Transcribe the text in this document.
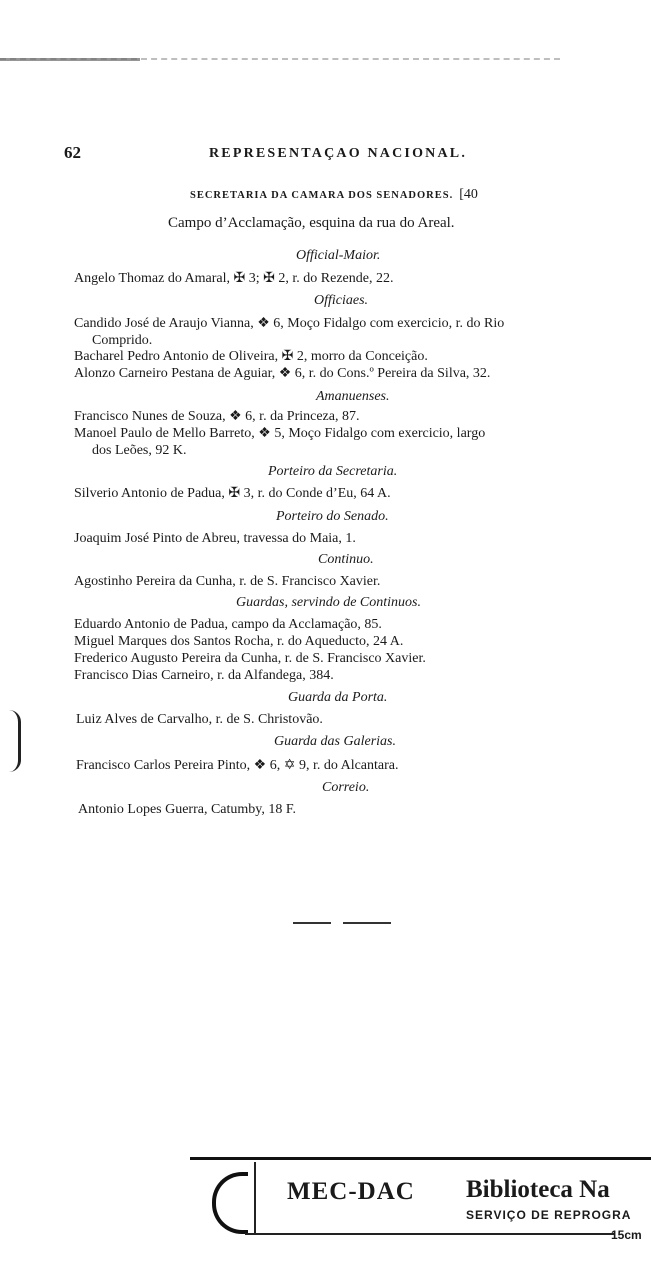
62	REPRESENTAÇAO NACIONAL.
SECRETARIA DA CAMARA DOS SENADORES. [40
Campo d’Acclamação, esquina da rua do Areal.
Official-Maior.
Angelo Thomaz do Amaral, ✠ 3; ✠ 2, r. do Rezende, 22.
Officiaes.
Candido José de Araujo Vianna, ❖ 6, Moço Fidalgo com exercicio, r. do Rio
Comprido.
Bacharel Pedro Antonio de Oliveira, ✠ 2, morro da Conceição.
Alonzo Carneiro Pestana de Aguiar, ❖ 6, r. do Cons.º Pereira da Silva, 32.
Amanuenses.
Francisco Nunes de Souza, ❖ 6, r. da Princeza, 87.
Manoel Paulo de Mello Barreto, ❖ 5, Moço Fidalgo com exercicio, largo
dos Leões, 92 K.
Porteiro da Secretaria.
Silverio Antonio de Padua, ✠ 3, r. do Conde d’Eu, 64 A.
Porteiro do Senado.
Joaquim José Pinto de Abreu, travessa do Maia, 1.
Continuo.
Agostinho Pereira da Cunha, r. de S. Francisco Xavier.
Guardas, servindo de Continuos.
Eduardo Antonio de Padua, campo da Acclamação, 85.
Miguel Marques dos Santos Rocha, r. do Aqueducto, 24 A.
Frederico Augusto Pereira da Cunha, r. de S. Francisco Xavier.
Francisco Dias Carneiro, r. da Alfandega, 384.
Guarda da Porta.
Luiz Alves de Carvalho, r. de S. Christovão.
Guarda das Galerias.
Francisco Carlos Pereira Pinto, ❖ 6, ✡ 9, r. do Alcantara.
Correio.
Antonio Lopes Guerra, Catumby, 18 F.
MEC-DAC Biblioteca Na
SERVIÇO DE REPROGRA
15cm
